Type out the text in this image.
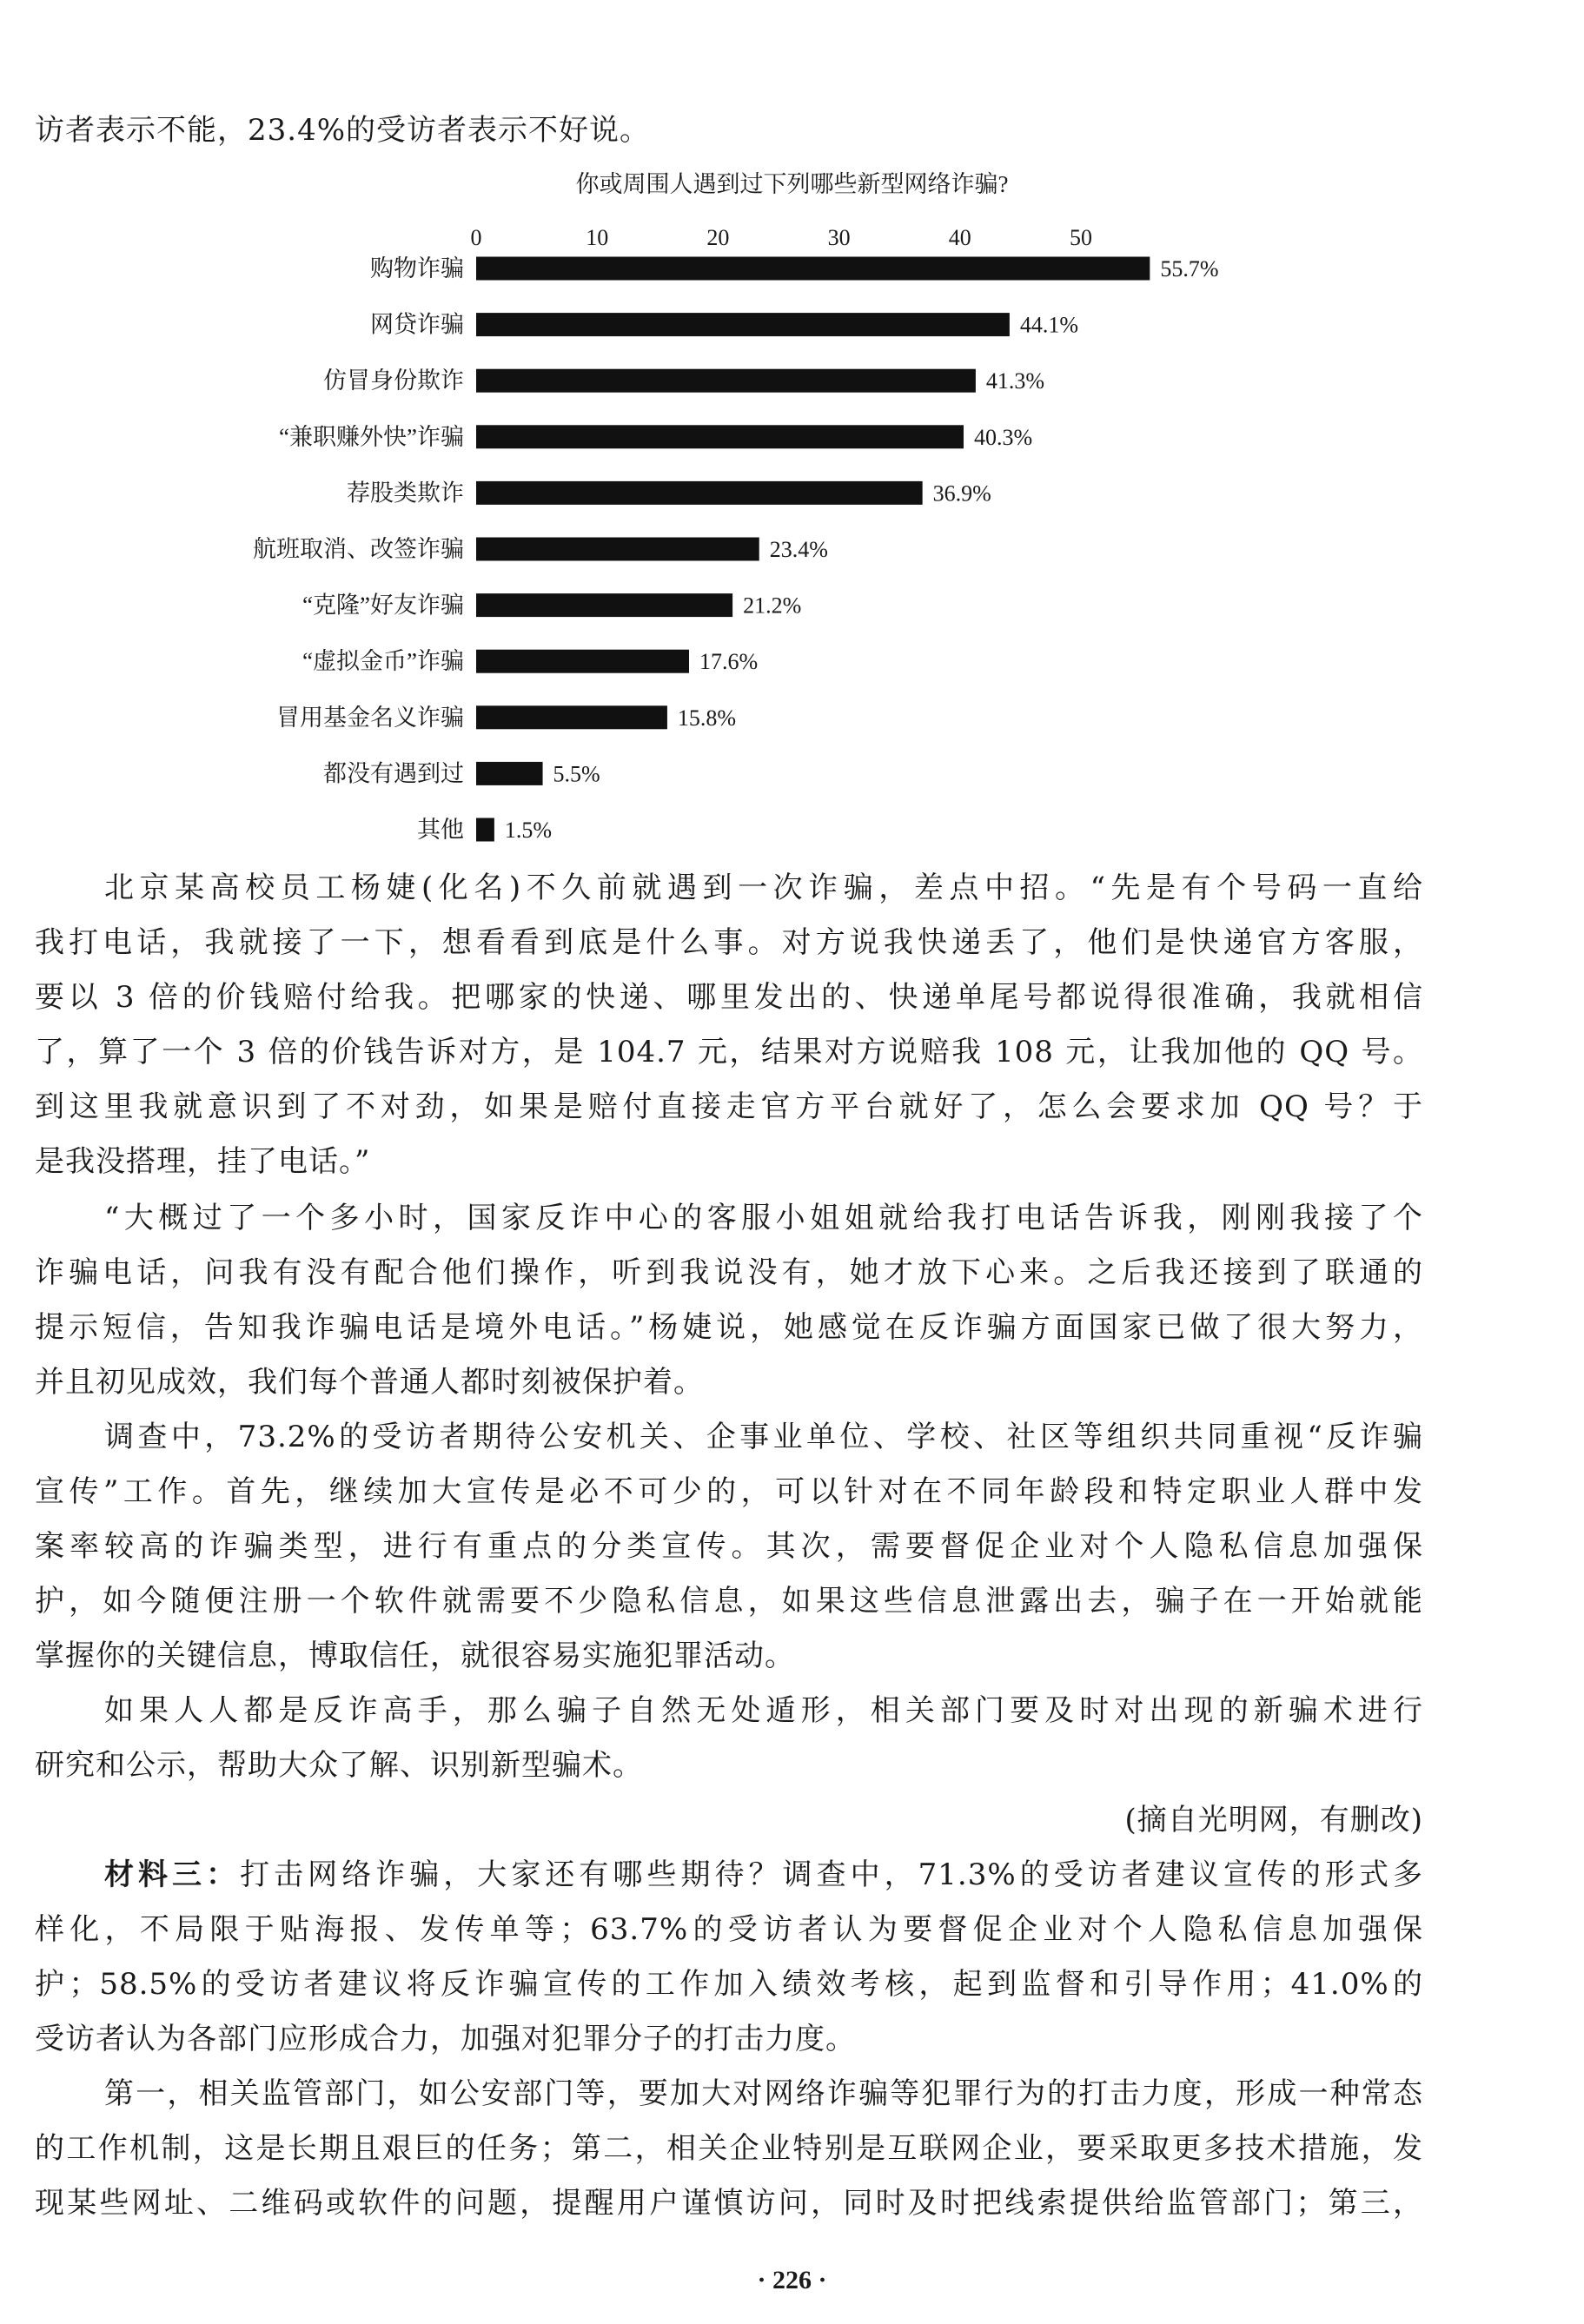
访者表示不能，23.4%的受访者表示不好说。
你或周围人遇到过下列哪些新型网络诈骗?
0	10	20	30	40	50
购物诈骗	55.7%
网贷诈骗	44.1%
仿冒身份欺诈	41.3%
“兼职赚外快”诈骗	40.3%
荐股类欺诈	36.9%
航班取消、改签诈骗	23.4%
“克隆”好友诈骗	21.2%
“虚拟金币”诈骗	17.6%
冒用基金名义诈骗	15.8%
都没有遇到过	5.5%
其他 1.5%
北京某高校员工杨婕(化名)不久前就遇到一次诈骗，差点中招。“先是有个号码一直给
我打电话，我就接了一下，想看看到底是什么事。对方说我快递丢了，他们是快递官方客服，
要以 3 倍的价钱赔付给我。把哪家的快递、哪里发出的、快递单尾号都说得很准确，我就相信
了，算了一个 3 倍的价钱告诉对方，是 104.7 元，结果对方说赔我 108 元，让我加他的 QQ 号。
到这里我就意识到了不对劲，如果是赔付直接走官方平台就好了，怎么会要求加 QQ 号？于
是我没搭理，挂了电话。”
“大概过了一个多小时，国家反诈中心的客服小姐姐就给我打电话告诉我，刚刚我接了个
诈骗电话，问我有没有配合他们操作，听到我说没有，她才放下心来。之后我还接到了联通的
提示短信，告知我诈骗电话是境外电话。”杨婕说，她感觉在反诈骗方面国家已做了很大努力，
并且初见成效，我们每个普通人都时刻被保护着。
调查中，73.2%的受访者期待公安机关、企事业单位、学校、社区等组织共同重视“反诈骗
宣传”工作。首先，继续加大宣传是必不可少的，可以针对在不同年龄段和特定职业人群中发
案率较高的诈骗类型，进行有重点的分类宣传。其次，需要督促企业对个人隐私信息加强保
护，如今随便注册一个软件就需要不少隐私信息，如果这些信息泄露出去，骗子在一开始就能
掌握你的关键信息，博取信任，就很容易实施犯罪活动。
如果人人都是反诈高手，那么骗子自然无处遁形，相关部门要及时对出现的新骗术进行
研究和公示，帮助大众了解、识别新型骗术。
(摘自光明网，有删改)
材料三：打击网络诈骗，大家还有哪些期待？调查中，71.3%的受访者建议宣传的形式多
样化，不局限于贴海报、发传单等；63.7%的受访者认为要督促企业对个人隐私信息加强保
护；58.5%的受访者建议将反诈骗宣传的工作加入绩效考核，起到监督和引导作用；41.0%的
受访者认为各部门应形成合力，加强对犯罪分子的打击力度。
第一，相关监管部门，如公安部门等，要加大对网络诈骗等犯罪行为的打击力度，形成一种常态
的工作机制，这是长期且艰巨的任务；第二，相关企业特别是互联网企业，要采取更多技术措施，发
现某些网址、二维码或软件的问题，提醒用户谨慎访问，同时及时把线索提供给监管部门；第三，
· 226 ·
